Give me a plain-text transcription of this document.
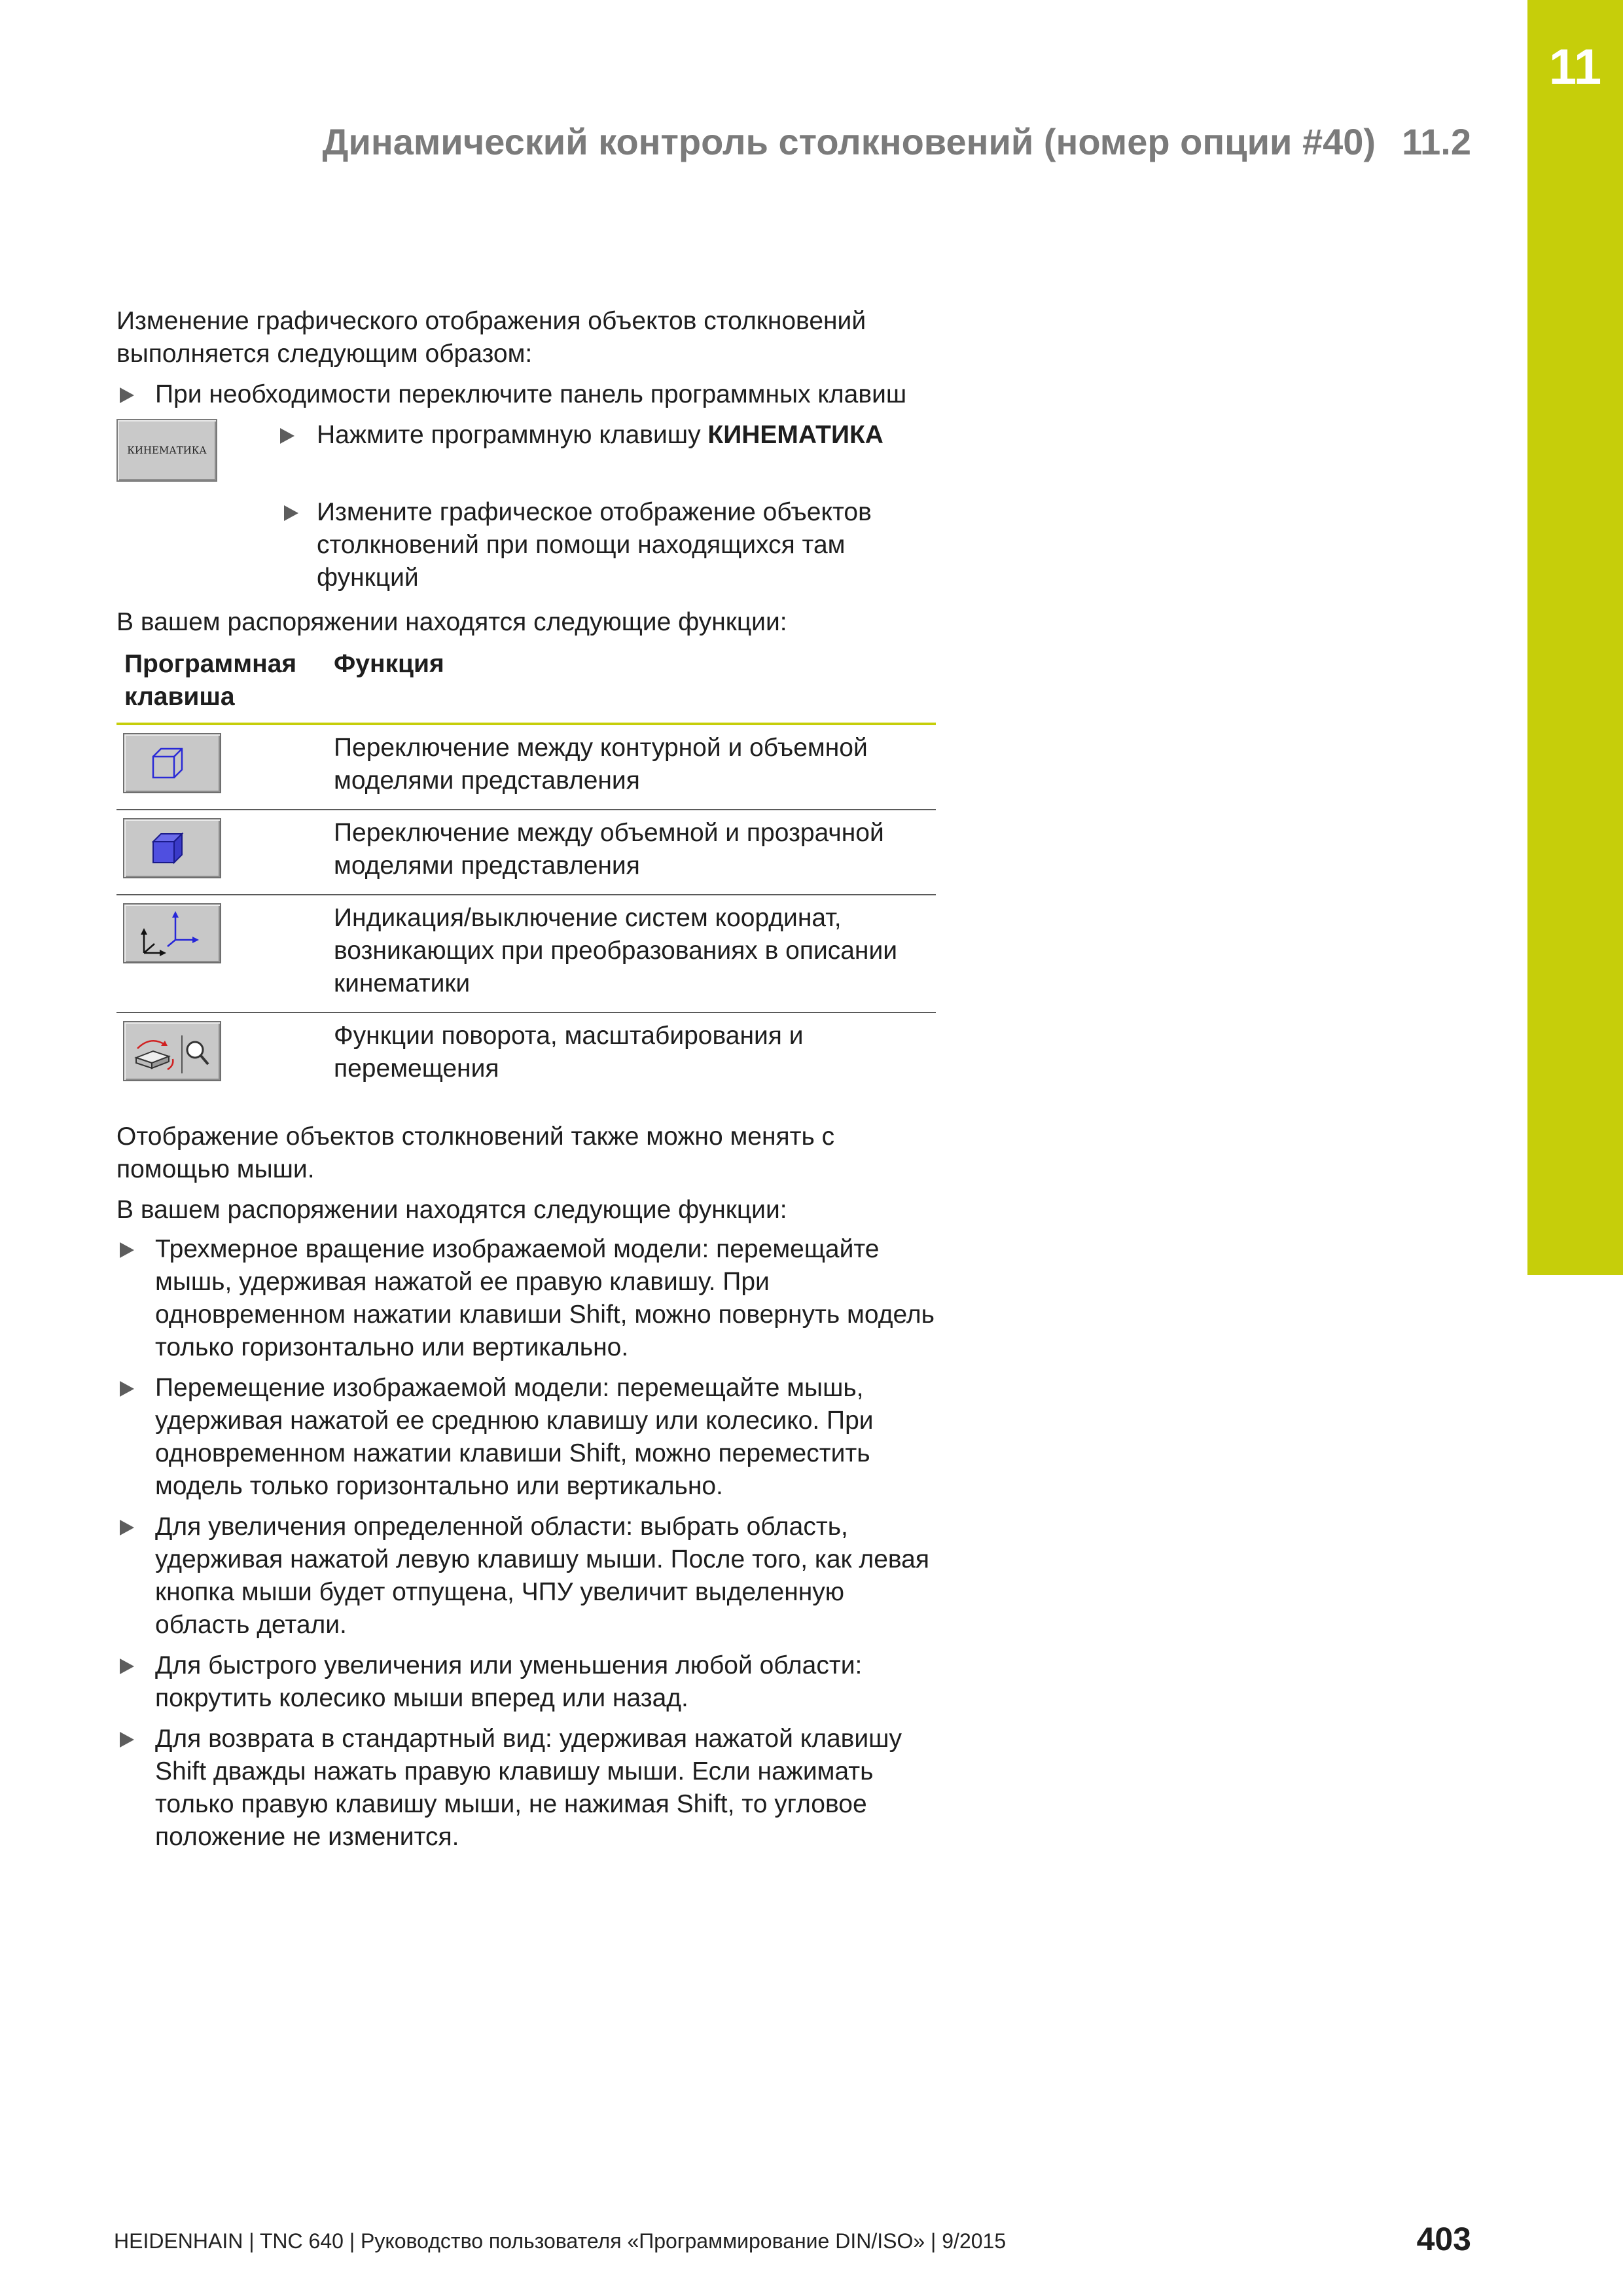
11
Динамический контроль столкновений (номер опции #40) 11.2

Изменение графического отображения объектов столкновений выполняется следующим образом:

При необходимости переключите панель программных клавиш
КИНЕМАТИКА
Нажмите программную клавишу КИНЕМАТИКА
Измените графическое отображение объектов столкновений при помощи находящихся там функций

В вашем распоряжении находятся следующие функции:

Программная клавиша	Функция

	Переключение между контурной и объемной моделями представления

	Переключение между объемной и прозрачной моделями представления

	Индикация/выключение систем координат, возникающих при преобразованиях в описании кинематики

	Функции поворота, масштабирования и перемещения

Отображение объектов столкновений также можно менять с помощью мыши.

В вашем распоряжении находятся следующие функции:

Трехмерное вращение изображаемой модели: перемещайте мышь, удерживая нажатой ее правую клавишу. При одновременном нажатии клавиши Shift, можно повернуть модель только горизонтально или вертикально.
Перемещение изображаемой модели: перемещайте мышь, удерживая нажатой ее среднюю клавишу или колесико. При одновременном нажатии клавиши Shift, можно переместить модель только горизонтально или вертикально.
Для увеличения определенной области: выбрать область, удерживая нажатой левую клавишу мыши. После того, как левая кнопка мыши будет отпущена, ЧПУ увеличит выделенную область детали.
Для быстрого увеличения или уменьшения любой области: покрутить колесико мыши вперед или назад.
Для возврата в стандартный вид: удерживая нажатой клавишу Shift дважды нажать правую клавишу мыши. Если нажимать только правую клавишу мыши, не нажимая Shift, то угловое положение не изменится.
HEIDENHAIN | TNC 640 | Руководство пользователя «Программирование DIN/ISO» | 9/2015	403
